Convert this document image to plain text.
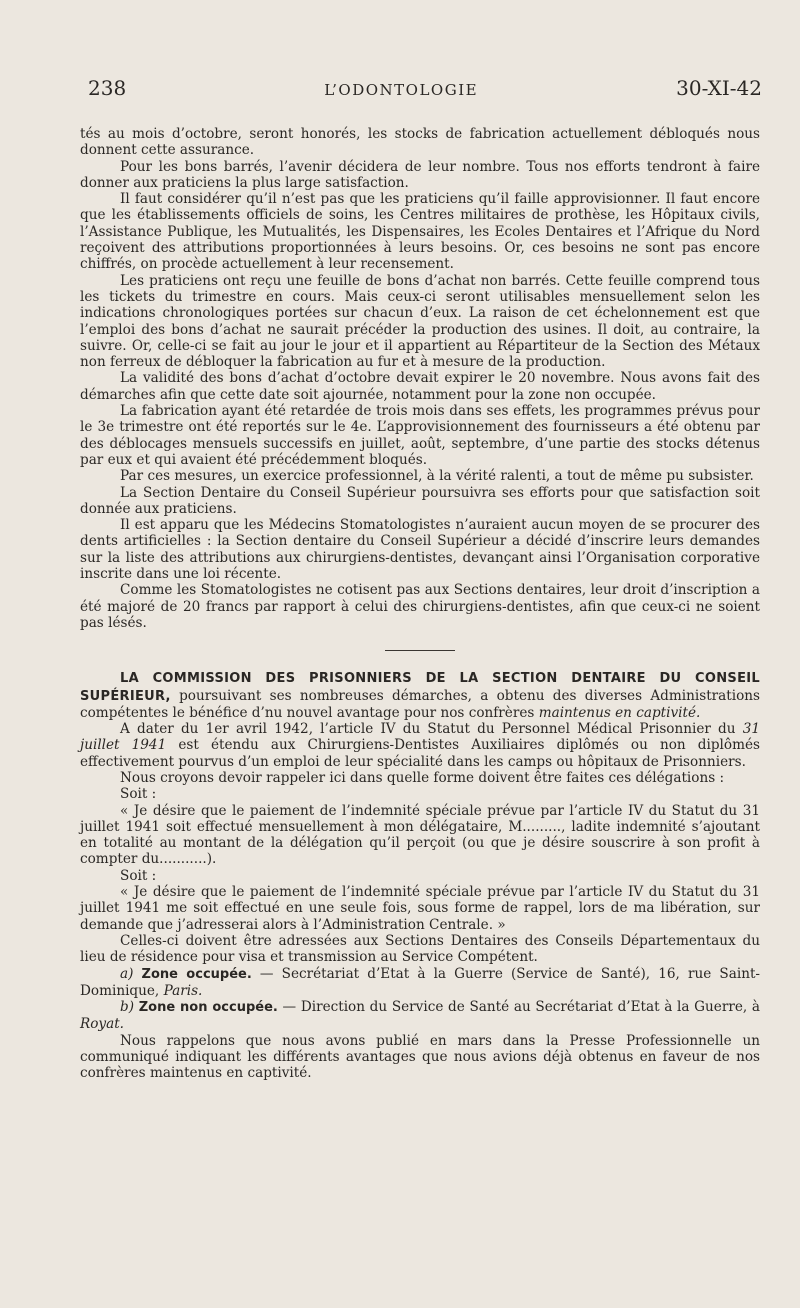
238	L’ODONTOLOGIE	30-XI-42

tés au mois d’octobre, seront honorés, les stocks de fabrication actuellement débloqués nous donnent cette assurance.

Pour les bons barrés, l’avenir décidera de leur nombre. Tous nos efforts tendront à faire donner aux praticiens la plus large satisfaction.

Il faut considérer qu’il n’est pas que les praticiens qu’il faille approvisionner. Il faut encore que les établissements officiels de soins, les Centres militaires de prothèse, les Hôpitaux civils, l’Assistance Publique, les Mutualités, les Dispensaires, les Ecoles Dentaires et l’Afrique du Nord reçoivent des attributions proportionnées à leurs besoins. Or, ces besoins ne sont pas encore chiffrés, on procède actuellement à leur recensement.

Les praticiens ont reçu une feuille de bons d’achat non barrés. Cette feuille comprend tous les tickets du trimestre en cours. Mais ceux-ci seront utilisables mensuellement selon les indications chronologiques portées sur chacun d’eux. La raison de cet échelonnement est que l’emploi des bons d’achat ne saurait précéder la production des usines. Il doit, au contraire, la suivre. Or, celle-ci se fait au jour le jour et il appartient au Répartiteur de la Section des Métaux non ferreux de débloquer la fabrication au fur et à mesure de la production.

La validité des bons d’achat d’octobre devait expirer le 20 novembre. Nous avons fait des démarches afin que cette date soit ajournée, notamment pour la zone non occupée.

La fabrication ayant été retardée de trois mois dans ses effets, les programmes prévus pour le 3e trimestre ont été reportés sur le 4e. L’approvisionnement des fournisseurs a été obtenu par des déblocages mensuels successifs en juillet, août, septembre, d’une partie des stocks détenus par eux et qui avaient été précédemment bloqués.

Par ces mesures, un exercice professionnel, à la vérité ralenti, a tout de même pu subsister.

La Section Dentaire du Conseil Supérieur poursuivra ses efforts pour que satisfaction soit donnée aux praticiens.

Il est apparu que les Médecins Stomatologistes n’auraient aucun moyen de se procurer des dents artificielles : la Section dentaire du Conseil Supérieur a décidé d’inscrire leurs demandes sur la liste des attributions aux chirurgiens-dentistes, devançant ainsi l’Organisation corporative inscrite dans une loi récente.

Comme les Stomatologistes ne cotisent pas aux Sections dentaires, leur droit d’inscription a été majoré de 20 francs par rapport à celui des chirurgiens-dentistes, afin que ceux-ci ne soient pas lésés.

LA COMMISSION DES PRISONNIERS DE LA SECTION DENTAIRE DU CONSEIL SUPÉRIEUR, poursuivant ses nombreuses démarches, a obtenu des diverses Administrations compétentes le bénéfice d’nu nouvel avantage pour nos confrères maintenus en captivité.

A dater du 1er avril 1942, l’article IV du Statut du Personnel Médical Prisonnier du 31 juillet 1941 est étendu aux Chirurgiens-Dentistes Auxiliaires diplômés ou non diplômés effectivement pourvus d’un emploi de leur spécialité dans les camps ou hôpitaux de Prisonniers.

Nous croyons devoir rappeler ici dans quelle forme doivent être faites ces délégations :

Soit :

« Je désire que le paiement de l’indemnité spéciale prévue par l’article IV du Statut du 31 juillet 1941 soit effectué mensuellement à mon délégataire, M........., ladite indemnité s’ajoutant en totalité au montant de la délégation qu’il perçoit (ou que je désire souscrire à son profit à compter du...........).

Soit :

« Je désire que le paiement de l’indemnité spéciale prévue par l’article IV du Statut du 31 juillet 1941 me soit effectué en une seule fois, sous forme de rappel, lors de ma libération, sur demande que j’adresserai alors à l’Administration Centrale. »

Celles-ci doivent être adressées aux Sections Dentaires des Conseils Départementaux du lieu de résidence pour visa et transmission au Service Compétent.

a) Zone occupée. — Secrétariat d’Etat à la Guerre (Service de Santé), 16, rue Saint-Dominique, Paris.

b) Zone non occupée. — Direction du Service de Santé au Secrétariat d’Etat à la Guerre, à Royat.

Nous rappelons que nous avons publié en mars dans la Presse Professionnelle un communiqué indiquant les différents avantages que nous avions déjà obtenus en faveur de nos confrères maintenus en captivité.
